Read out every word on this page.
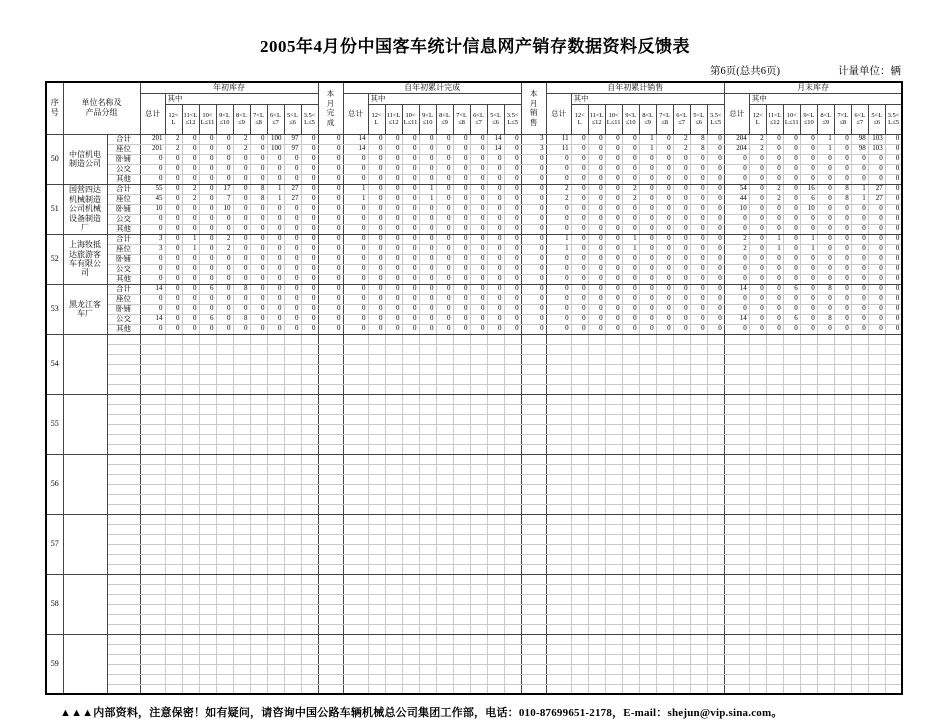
2005年4月份中国客车统计信息网产销存数据资料反馈表
第6页(总共6页)	计量单位：辆
序号	单位名称及产品分组		年初库存										本月完成	自年初累计完成										本月销售	自年初累计销售										月末库存									
			总计	其中										总计	其中										总计	其中									总计	其中								
				12<L	11<L≤12	10<L≤11	9<L≤10	8<L≤9	7<L≤8	6<L≤7	5<L≤6	3.5<L≤5			12<L	11<L≤12	10<L≤11	9<L≤10	8<L≤9	7<L≤8	6<L≤7	5<L≤6	3.5<L≤5			12<L	11<L≤12	10<L≤11	9<L≤10	8<L≤9	7<L≤8	6<L≤7	5<L≤6	3.5<L≤5		12<L	11<L≤12	10<L≤11	9<L≤10	8<L≤9	7<L≤8	6<L≤7	5<L≤6	3.5<L≤5
50	中信机电制造公司	合计	201	2	0	0	0	2	0	100	97	0	0	14	0	0	0	0	0	0	0	14	0	3	11	0	0	0	0	1	0	2	8	0	204	2	0	0	0	1	0	98	103	0
		座位	201	2	0	0	0	2	0	100	97	0	0	14	0	0	0	0	0	0	0	14	0	3	11	0	0	0	0	1	0	2	8	0	204	2	0	0	0	1	0	98	103	0
		卧铺	0	0	0	0	0	0	0	0	0	0	0	0	0	0	0	0	0	0	0	0	0	0	0	0	0	0	0	0	0	0	0	0	0	0	0	0	0	0	0	0	0	0
		公交	0	0	0	0	0	0	0	0	0	0	0	0	0	0	0	0	0	0	0	0	0	0	0	0	0	0	0	0	0	0	0	0	0	0	0	0	0	0	0	0	0	0
		其他	0	0	0	0	0	0	0	0	0	0	0	0	0	0	0	0	0	0	0	0	0	0	0	0	0	0	0	0	0	0	0	0	0	0	0	0	0	0	0	0	0	0
51	国营四达机械制造公司机械设备制造厂	合计	55	0	2	0	17	0	8	1	27	0	0	1	0	0	0	1	0	0	0	0	0	0	2	0	0	0	2	0	0	0	0	0	54	0	2	0	16	0	8	1	27	0
		座位	45	0	2	0	7	0	8	1	27	0	0	1	0	0	0	1	0	0	0	0	0	0	2	0	0	0	2	0	0	0	0	0	44	0	2	0	6	0	8	1	27	0
		卧铺	10	0	0	0	10	0	0	0	0	0	0	0	0	0	0	0	0	0	0	0	0	0	0	0	0	0	0	0	0	0	0	0	10	0	0	0	10	0	0	0	0	0
		公交	0	0	0	0	0	0	0	0	0	0	0	0	0	0	0	0	0	0	0	0	0	0	0	0	0	0	0	0	0	0	0	0	0	0	0	0	0	0	0	0	0	0
		其他	0	0	0	0	0	0	0	0	0	0	0	0	0	0	0	0	0	0	0	0	0	0	0	0	0	0	0	0	0	0	0	0	0	0	0	0	0	0	0	0	0	0
52	上海牧抵达旅游客车有限公司	合计	3	0	1	0	2	0	0	0	0	0	0	0	0	0	0	0	0	0	0	0	0	0	1	0	0	0	1	0	0	0	0	0	2	0	1	0	1	0	0	0	0	0
		座位	3	0	1	0	2	0	0	0	0	0	0	0	0	0	0	0	0	0	0	0	0	0	1	0	0	0	1	0	0	0	0	0	2	0	1	0	1	0	0	0	0	0
		卧铺	0	0	0	0	0	0	0	0	0	0	0	0	0	0	0	0	0	0	0	0	0	0	0	0	0	0	0	0	0	0	0	0	0	0	0	0	0	0	0	0	0	0
		公交	0	0	0	0	0	0	0	0	0	0	0	0	0	0	0	0	0	0	0	0	0	0	0	0	0	0	0	0	0	0	0	0	0	0	0	0	0	0	0	0	0	0
		其他	0	0	0	0	0	0	0	0	0	0	0	0	0	0	0	0	0	0	0	0	0	0	0	0	0	0	0	0	0	0	0	0	0	0	0	0	0	0	0	0	0	0
53	黑龙江客车厂	合计	14	0	0	6	0	8	0	0	0	0	0	0	0	0	0	0	0	0	0	0	0	0	0	0	0	0	0	0	0	0	0	0	14	0	0	6	0	8	0	0	0	0
		座位	0	0	0	0	0	0	0	0	0	0	0	0	0	0	0	0	0	0	0	0	0	0	0	0	0	0	0	0	0	0	0	0	0	0	0	0	0	0	0	0	0	0
		卧铺	0	0	0	0	0	0	0	0	0	0	0	0	0	0	0	0	0	0	0	0	0	0	0	0	0	0	0	0	0	0	0	0	0	0	0	0	0	0	0	0	0	0
		公交	14	0	0	6	0	8	0	0	0	0	0	0	0	0	0	0	0	0	0	0	0	0	0	0	0	0	0	0	0	0	0	0	14	0	0	6	0	8	0	0	0	0
		其他	0	0	0	0	0	0	0	0	0	0	0	0	0	0	0	0	0	0	0	0	0	0	0	0	0	0	0	0	0	0	0	0	0	0	0	0	0	0	0	0	0	0
54																																												

55																																												

56																																												

57																																												

58																																												

59																																												

▲▲▲内部资料，注意保密！如有疑问，请咨询中国公路车辆机械总公司集团工作部，电话：010-87699651-2178，E-mail：shejun@vip.sina.com。
